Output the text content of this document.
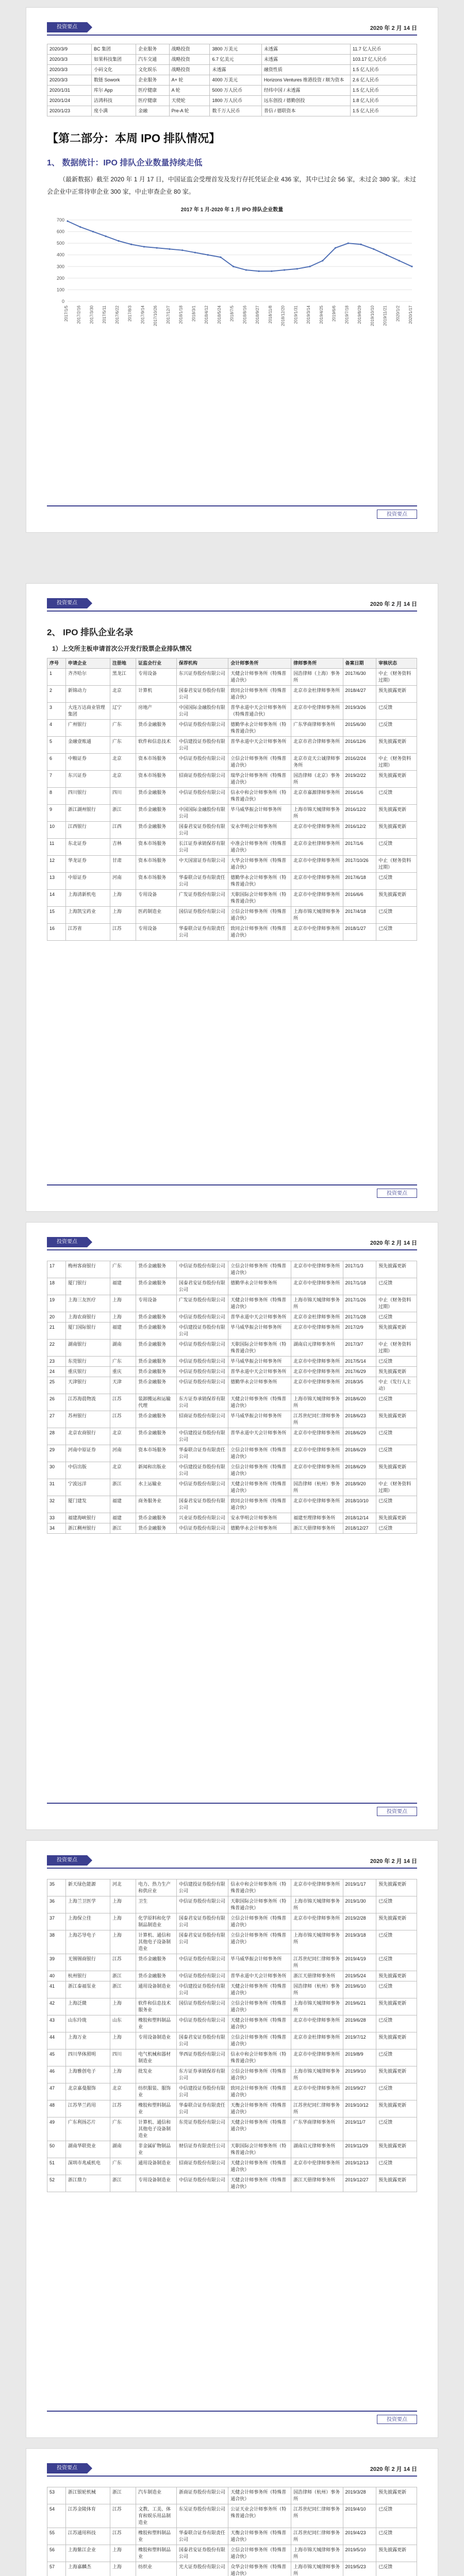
投资要点	2020 年 2 月 14 日
2020/3/9	BC 集团	企业服务	战略投资	3800 万美元	未透露	11.7 亿人民币
2020/3/3	如果科技集团	汽车交通	战略投资	6.7 亿美元	未透露	103.17 亿人民币
2020/3/3	小码文化	文化娱乐	战略投资	未透露	融资性质	1.5 亿人民币
2020/3/3	数链 Sowork	企业服务	A+ 轮	4000 万美元	Horizons Ventures 维港投资 / 顺为资本	2.6 亿人民币
2020/1/31	库尔 App	医疗健康	A 轮	5000 万人民币	经纬中国 / 未透露	1.5 亿人民币
2020/1/24	洁鸿科技	医疗健康	天使轮	1800 万人民币	远东创投 / 德勤创投	1.8 亿人民币
2020/1/23	度小满	金融	Pre-A 轮	数千万人民币	普信 / 德联资本	1.5 亿人民币
【第二部分：本周 IPO 排队情况】
1、 数据统计：IPO 排队企业数量持续走低

（最新数据）截至 2020 年 1 月 17 日，中国证监会受理首发及发行存托凭证企业 436 家，其中已过会 56 家，未过会 380 家。未过会企业中正常待审企业 300 家，中止审查企业 80 家。

2017 年 1 月-2020 年 1 月 IPO 排队企业数量
0
100
200
300
400
500
600
700
2017/1/5 2017/2/16 2017/3/30 2017/5/11 2017/6/22 2017/8/3 2017/9/14 2017/10/26 2017/12/7 2018/1/18 2018/3/1 2018/4/12 2018/5/24 2018/7/5 2018/8/16 2018/9/27 2018/11/8 2018/12/20 2019/1/31 2019/3/14 2019/4/25 2019/6/6 2019/7/18 2019/8/29 2019/10/10 2019/11/21 2020/1/2 2020/1/17
投资要点
投资要点	2020 年 2 月 14 日
2、 IPO 排队企业名录
1）上交所主板申请首次公开发行股票企业排队情况
序号	申请企业	注册地	证监会行业	保荐机构	会计师事务所	律师事务所	备案日期	审核状态
1	齐齐哈尔	黑龙江	专用设备	东兴证券股份有限公司	天健会计师事务所（特殊普通合伙）	国浩律师（上海）事务所	2017/6/30	中止（财务资料过期）
2	新锦动力	北京	计算机	国泰君安证券股份有限公司	致同会计师事务所（特殊普通合伙）	北京市金杜律师事务所	2018/4/27	预先披露更新
3	大连万达商业管理集团	辽宁	房地产	中国国际金融股份有限公司	普华永道中天会计师事务所（特殊普通合伙）	北京市中伦律师事务所	2019/3/26	已反馈
4	广州银行	广东	货币金融服务	中信证券股份有限公司	德勤华永会计师事务所（特殊普通合伙）	广东华商律师事务所	2015/6/30	已反馈
5	金融壹账通	广东	软件和信息技术	中信建投证券股份有限公司	普华永道中天会计师事务所	北京市君合律师事务所	2016/12/6	预先披露更新
6	中粮证券	北京	资本市场服务	中信证券股份有限公司	立信会计师事务所（特殊普通合伙）	北京市竞天公诚律师事务所	2016/2/24	中止（财务资料过期）
7	东兴证券	北京	资本市场服务	招商证券股份有限公司	瑞华会计师事务所（特殊普通合伙）	国浩律师（北京）事务所	2019/2/22	预先披露更新
8	四川银行	四川	货币金融服务	中信证券股份有限公司	信永中和会计师事务所（特殊普通合伙）	北京市嘉源律师事务所	2016/1/6	已反馈
9	浙江湖州银行	浙江	货币金融服务	中国国际金融股份有限公司	毕马威华振会计师事务所	上海市锦天城律师事务所	2016/12/2	预先披露更新
10	江西银行	江西	货币金融服务	国泰君安证券股份有限公司	安永华明会计师事务所	北京市中伦律师事务所	2016/12/2	预先披露更新
11	东北证券	吉林	资本市场服务	长江证券承销保荐有限公司	中准会计师事务所（特殊普通合伙）	北京市金杜律师事务所	2017/1/6	已反馈
12	华龙证券	甘肃	资本市场服务	中天国富证券有限公司	大华会计师事务所（特殊普通合伙）	北京市中伦律师事务所	2017/10/26	中止（财务资料过期）
13	中原证券	河南	资本市场服务	华泰联合证券有限责任公司	德勤华永会计师事务所（特殊普通合伙）	北京市中伦律师事务所	2017/6/18	已反馈
14	上海清新机电	上海	专用设备	广发证券股份有限公司	天职国际会计师事务所（特殊普通合伙）	北京市中伦律师事务所	2016/6/6	预先披露更新
15	上海凯宝药业	上海	医药制造业	国信证券股份有限公司	立信会计师事务所（特殊普通合伙）	上海市锦天城律师事务所	2017/4/18	已反馈
16	江苏省	江苏	专用设备	华泰联合证券有限责任公司	致同会计师事务所（特殊普通合伙）	北京市中伦律师事务所	2018/1/27	已反馈
投资要点
投资要点	2020 年 2 月 14 日
17	梅州客商银行	广东	货币金融服务	中信证券股份有限公司	立信会计师事务所（特殊普通合伙）	北京市中伦律师事务所	2017/1/3	预先披露更新
18	厦门银行	福建	货币金融服务	国泰君安证券股份有限公司	德勤华永会计师事务所	北京市中伦律师事务所	2017/1/18	已反馈
19	上海三友医疗	上海	专用设备	广发证券股份有限公司	天健会计师事务所（特殊普通合伙）	上海市锦天城律师事务所	2017/1/26	中止（财务资料过期）
20	上海农商银行	上海	货币金融服务	中信证券股份有限公司	普华永道中天会计师事务所	北京市金杜律师事务所	2017/1/28	已反馈
21	厦门国际银行	福建	货币金融服务	中信建投证券股份有限公司	毕马威华振会计师事务所	北京市中伦律师事务所	2017/2/9	预先披露更新
22	湖南银行	湖南	货币金融服务	中信证券股份有限公司	天职国际会计师事务所（特殊普通合伙）	湖南启元律师事务所	2017/3/7	中止（财务资料过期）
23	东莞银行	广东	货币金融服务	中信证券股份有限公司	毕马威华振会计师事务所	北京市中伦律师事务所	2017/5/14	已反馈
24	重庆银行	重庆	货币金融服务	中信证券股份有限公司	普华永道中天会计师事务所	北京市中伦律师事务所	2017/6/29	预先披露更新
25	天津银行	天津	货币金融服务	中信证券股份有限公司	德勤华永会计师事务所	北京市中伦律师事务所	2018/3/5	中止（发行人主动）
26	江苏海晨物流	江苏	装卸搬运和运输代理	东方证券承销保荐有限公司	天健会计师事务所（特殊普通合伙）	上海市锦天城律师事务所	2018/6/20	已反馈
27	苏州银行	江苏	货币金融服务	招商证券股份有限公司	毕马威华振会计师事务所	江苏世纪同仁律师事务所	2018/6/23	预先披露更新
28	北京农商银行	北京	货币金融服务	中信建投证券股份有限公司	普华永道中天会计师事务所	北京市中伦律师事务所	2018/6/29	已反馈
29	河南中原证券	河南	资本市场服务	华泰联合证券有限责任公司	立信会计师事务所（特殊普通合伙）	北京市中伦律师事务所	2018/6/29	已反馈
30	中信出版	北京	新闻和出版业	中信建投证券股份有限公司	立信会计师事务所（特殊普通合伙）	北京市中伦律师事务所	2018/6/29	预先披露更新
31	宁波远洋	浙江	水上运输业	中信证券股份有限公司	天健会计师事务所（特殊普通合伙）	国浩律师（杭州）事务所	2018/9/20	中止（财务资料过期）
32	厦门建发	福建	商务服务业	国泰君安证券股份有限公司	致同会计师事务所（特殊普通合伙）	北京市中伦律师事务所	2018/10/10	已反馈
33	福建海峡银行	福建	货币金融服务	兴业证券股份有限公司	安永华明会计师事务所	福建至理律师事务所	2018/12/14	预先披露更新
34	浙江稠州银行	浙江	货币金融服务	中信证券股份有限公司	德勤华永会计师事务所	浙江天册律师事务所	2018/12/27	已反馈
投资要点
投资要点	2020 年 2 月 14 日
35	新天绿色能源	河北	电力、热力生产和供应业	中信建投证券股份有限公司	信永中和会计师事务所（特殊普通合伙）	北京市中伦律师事务所	2019/1/17	预先披露更新
36	上海兰卫医学	上海	卫生	中信证券股份有限公司	天职国际会计师事务所（特殊普通合伙）	上海市锦天城律师事务所	2019/1/30	已反馈
37	上海保立佳	上海	化学原料和化学制品制造业	国泰君安证券股份有限公司	立信会计师事务所（特殊普通合伙）	北京市中伦律师事务所	2019/2/28	预先披露更新
38	上海芯导电子	上海	计算机、通信和其他电子设备制造业	国泰君安证券股份有限公司	立信会计师事务所（特殊普通合伙）	上海市锦天城律师事务所	2019/3/18	已反馈
39	无锡锡商银行	江苏	货币金融服务	中信证券股份有限公司	毕马威华振会计师事务所	江苏世纪同仁律师事务所	2019/4/19	已反馈
40	杭州银行	浙江	货币金融服务	中信证券股份有限公司	普华永道中天会计师事务所	浙江天册律师事务所	2019/5/24	预先披露更新
41	浙江泰福泵业	浙江	通用设备制造业	中信建投证券股份有限公司	天健会计师事务所（特殊普通合伙）	国浩律师（杭州）事务所	2019/6/10	已反馈
42	上海泛微	上海	软件和信息技术服务业	国信证券股份有限公司	立信会计师事务所（特殊普通合伙）	上海市锦天城律师事务所	2019/6/21	预先披露更新
43	山东玲珑	山东	橡胶和塑料制品业	中信证券股份有限公司	天健会计师事务所（特殊普通合伙）	北京市中伦律师事务所	2019/6/28	已反馈
44	上海万业	上海	专用设备制造业	国泰君安证券股份有限公司	立信会计师事务所（特殊普通合伙）	北京市金杜律师事务所	2019/7/12	预先披露更新
45	四川华体照明	四川	电气机械和器材制造业	华西证券股份有限公司	信永中和会计师事务所（特殊普通合伙）	北京市中伦律师事务所	2019/8/9	已反馈
46	上海雅创电子	上海	批发业	东方证券承销保荐有限公司	立信会计师事务所（特殊普通合伙）	上海市锦天城律师事务所	2019/9/10	预先披露更新
47	北京嘉曼服饰	北京	纺织服装、服饰业	中信建投证券股份有限公司	致同会计师事务所（特殊普通合伙）	北京市中伦律师事务所	2019/9/27	已反馈
48	江苏华兰药用	江苏	橡胶和塑料制品业	华泰联合证券有限责任公司	天衡会计师事务所（特殊普通合伙）	江苏世纪同仁律师事务所	2019/10/12	预先披露更新
49	广东利扬芯片	广东	计算机、通信和其他电子设备制造业	东莞证券股份有限公司	天健会计师事务所（特殊普通合伙）	广东华商律师事务所	2019/11/7	已反馈
50	湖南华联瓷业	湖南	非金属矿物制品业	财信证券有限责任公司	天职国际会计师事务所（特殊普通合伙）	湖南启元律师事务所	2019/11/29	预先披露更新
51	深圳市兆威机电	广东	通用设备制造业	招商证券股份有限公司	天健会计师事务所（特殊普通合伙）	北京市中伦律师事务所	2019/12/13	已反馈
52	浙江鼎力	浙江	专用设备制造业	中信证券股份有限公司	天健会计师事务所（特殊普通合伙）	浙江天册律师事务所	2019/12/27	预先披露更新
投资要点
投资要点	2020 年 2 月 14 日
53	浙江银轮机械	浙江	汽车制造业	浙商证券股份有限公司	天健会计师事务所（特殊普通合伙）	国浩律师（杭州）事务所	2019/3/28	预先披露更新
54	江苏金陵体育	江苏	文教、工美、体育和娱乐用品制造业	东吴证券股份有限公司	公证天业会计师事务所（特殊普通合伙）	江苏世纪同仁律师事务所	2019/4/10	已反馈
55	江苏通用科技	江苏	橡胶和塑料制品业	华泰联合证券有限责任公司	天衡会计师事务所（特殊普通合伙）	江苏世纪同仁律师事务所	2019/4/23	已反馈
56	上海紫江企业	上海	橡胶和塑料制品业	国泰君安证券股份有限公司	立信会计师事务所（特殊普通合伙）	上海市锦天城律师事务所	2019/5/10	预先披露更新
57	上海嘉麟杰	上海	纺织业	光大证券股份有限公司	众华会计师事务所（特殊普通合伙）	上海市锦天城律师事务所	2019/5/23	已反馈
